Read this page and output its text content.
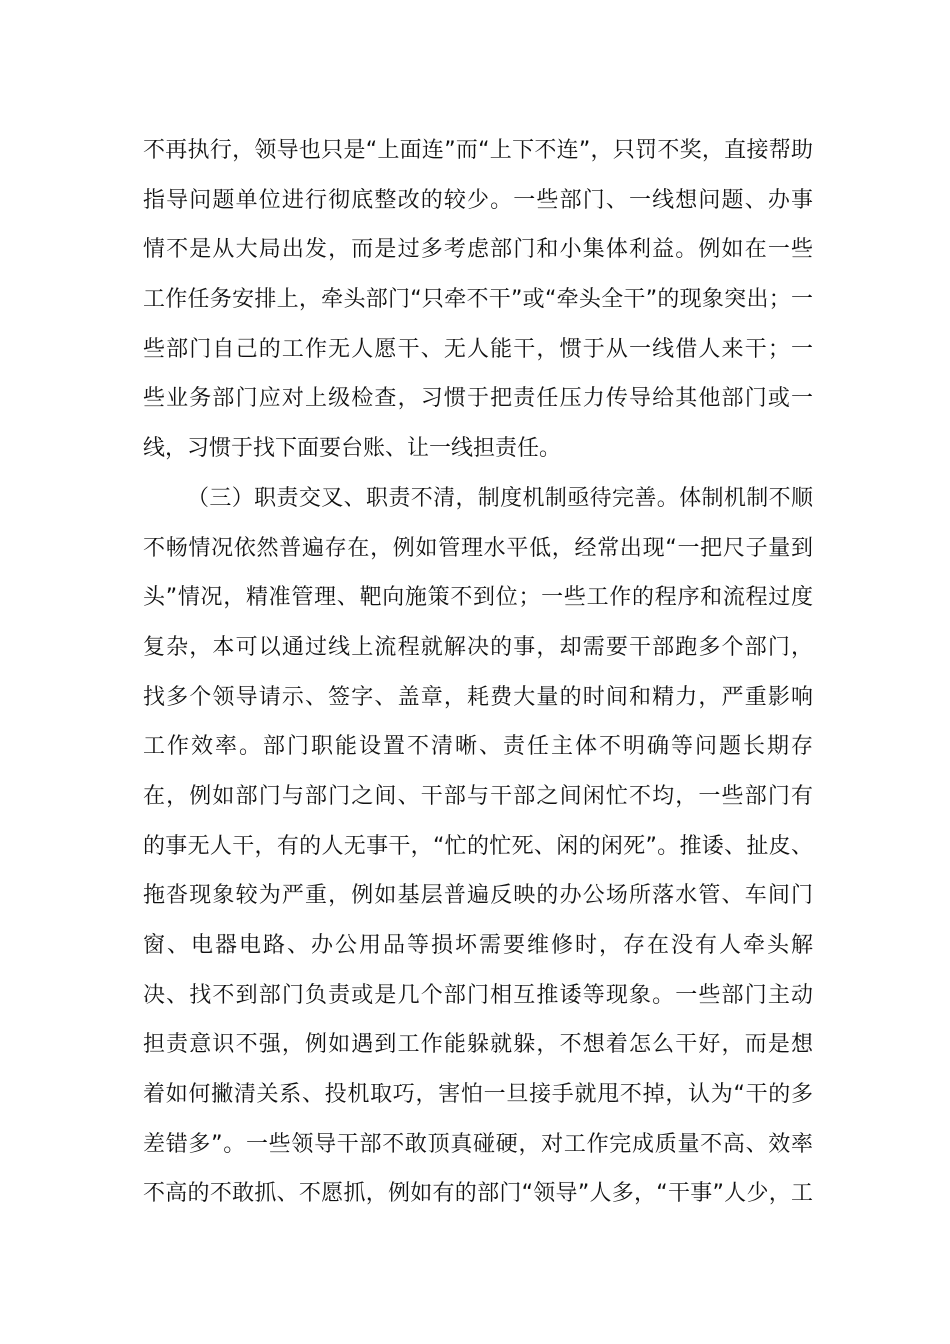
不再执行，领导也只是“上面连”而“上下不连”，只罚不奖，直接帮助
指导问题单位进行彻底整改的较少。一些部门、一线想问题、办事
情不是从大局出发，而是过多考虑部门和小集体利益。例如在一些
工作任务安排上，牵头部门“只牵不干”或“牵头全干”的现象突出；一
些部门自己的工作无人愿干、无人能干，惯于从一线借人来干；一
些业务部门应对上级检查，习惯于把责任压力传导给其他部门或一
线，习惯于找下面要台账、让一线担责任。
（三）职责交叉、职责不清，制度机制亟待完善。体制机制不顺
不畅情况依然普遍存在，例如管理水平低，经常出现“一把尺子量到
头”情况，精准管理、靶向施策不到位；一些工作的程序和流程过度
复杂，本可以通过线上流程就解决的事，却需要干部跑多个部门，
找多个领导请示、签字、盖章，耗费大量的时间和精力，严重影响
工作效率。部门职能设置不清晰、责任主体不明确等问题长期存
在，例如部门与部门之间、干部与干部之间闲忙不均，一些部门有
的事无人干，有的人无事干，“忙的忙死、闲的闲死”。推诿、扯皮、
拖沓现象较为严重，例如基层普遍反映的办公场所落水管、车间门
窗、电器电路、办公用品等损坏需要维修时，存在没有人牵头解
决、找不到部门负责或是几个部门相互推诿等现象。一些部门主动
担责意识不强，例如遇到工作能躲就躲，不想着怎么干好，而是想
着如何撇清关系、投机取巧，害怕一旦接手就甩不掉，认为“干的多
差错多”。一些领导干部不敢顶真碰硬，对工作完成质量不高、效率
不高的不敢抓、不愿抓，例如有的部门“领导”人多，“干事”人少，工
